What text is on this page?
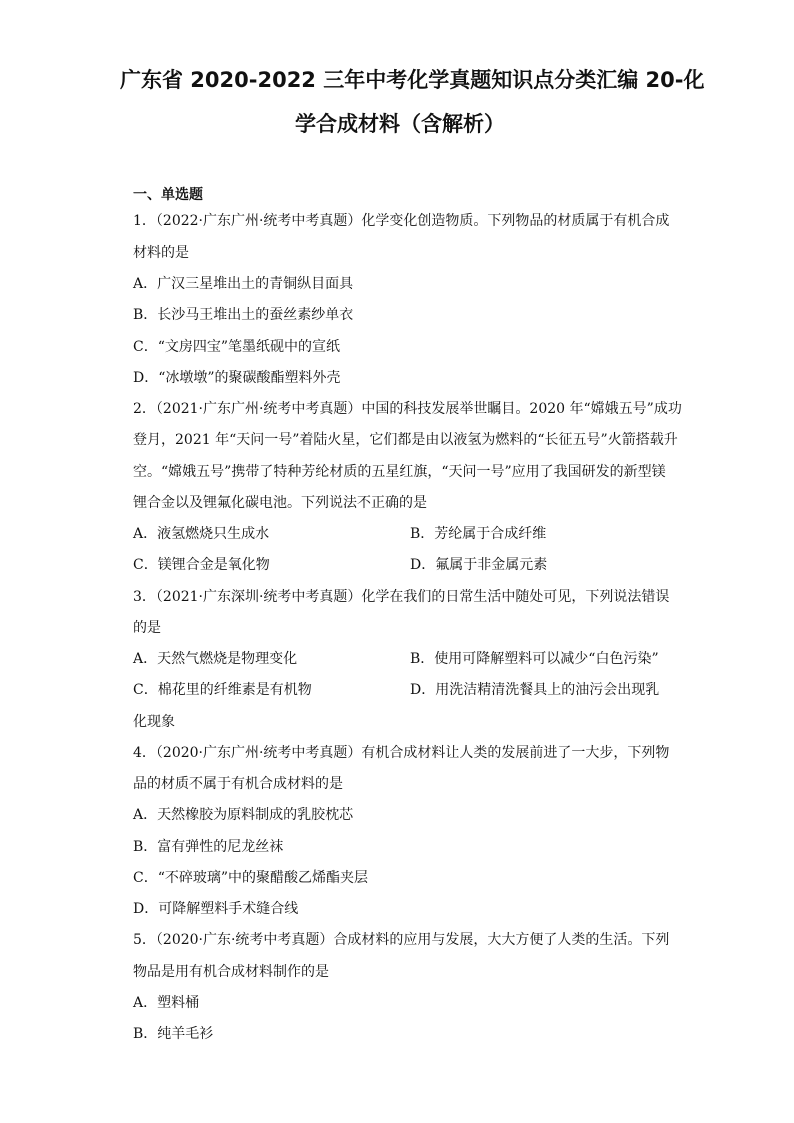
广东省 2020-2022 三年中考化学真题知识点分类汇编 20-化
学合成材料（含解析）
一、单选题
1．（2022·广东广州·统考中考真题）化学变化创造物质。下列物品的材质属于有机合成
材料的是
A．广汉三星堆出土的青铜纵目面具
B．长沙马王堆出土的蚕丝素纱单衣
C．“文房四宝”笔墨纸砚中的宣纸
D．“冰墩墩”的聚碳酸酯塑料外壳
2．（2021·广东广州·统考中考真题）中国的科技发展举世瞩目。2020 年“嫦娥五号”成功
登月，2021 年“天问一号”着陆火星，它们都是由以液氢为燃料的“长征五号”火箭搭载升
空。“嫦娥五号”携带了特种芳纶材质的五星红旗，“天问一号”应用了我国研发的新型镁
锂合金以及锂氟化碳电池。下列说法不正确的是
A．液氢燃烧只生成水	B．芳纶属于合成纤维
C．镁锂合金是氧化物	D．氟属于非金属元素
3．（2021·广东深圳·统考中考真题）化学在我们的日常生活中随处可见，下列说法错误
的是
A．天然气燃烧是物理变化	B．使用可降解塑料可以减少“白色污染”
C．棉花里的纤维素是有机物	D．用洗洁精清洗餐具上的油污会出现乳
化现象
4．（2020·广东广州·统考中考真题）有机合成材料让人类的发展前进了一大步，下列物
品的材质不属于有机合成材料的是
A．天然橡胶为原料制成的乳胶枕芯
B．富有弹性的尼龙丝袜
C．“不碎玻璃”中的聚醋酸乙烯酯夹层
D．可降解塑料手术缝合线
5．（2020·广东·统考中考真题）合成材料的应用与发展，大大方便了人类的生活。下列
物品是用有机合成材料制作的是
A．塑料桶
B．纯羊毛衫
